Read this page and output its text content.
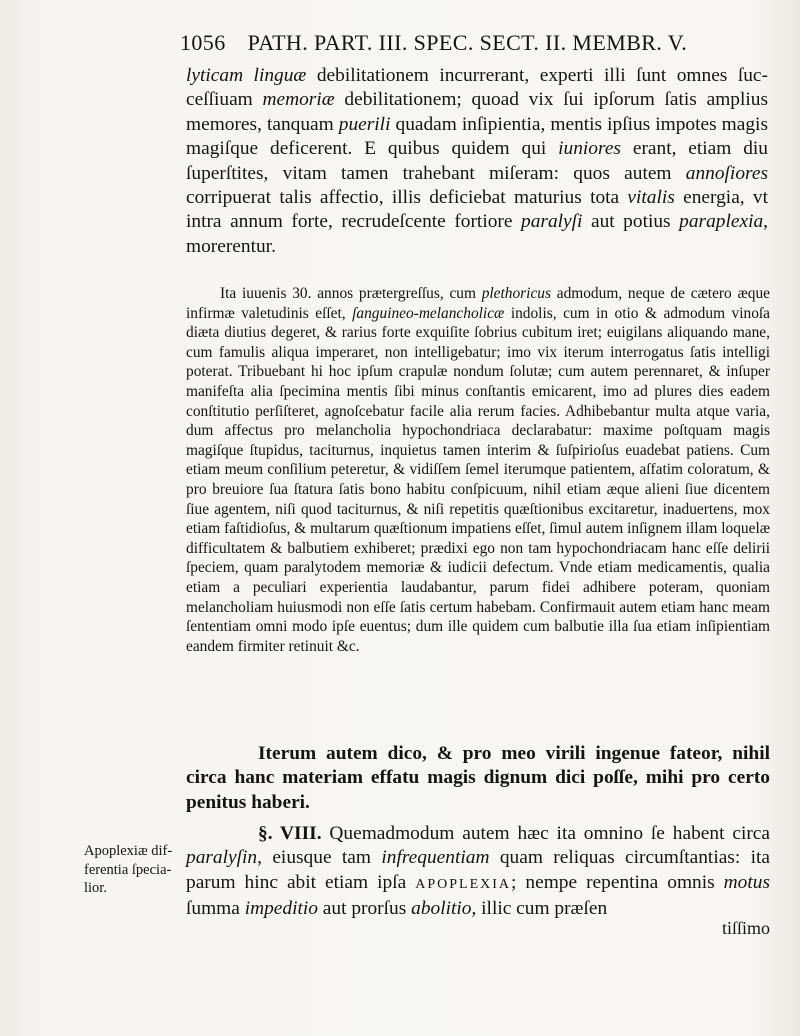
1056 PATH. PART. III. SPEC. SECT. II. MEMBR. V.
lyticam linguæ debilitationem incurrerant, experti illi ſunt omnes ſucceſſiuam memoriæ debilitationem; quoad vix ſui ipſorum ſatis amplius memores, tanquam puerili quadam inſipientia, mentis ipſius impotes magis magiſque deficerent. E quibus quidem qui iuniores erant, etiam diu ſuperſtites, vitam tamen trahebant miſeram: quos autem annoſiores corripuerat talis affectio, illis deficiebat maturius tota vitalis energia, vt intra annum forte, recrudeſcente fortiore paralyſi aut potius paraplexia, morerentur.
Ita iuuenis 30. annos prætergreſſus, cum plethoricus admodum, neque de cætero æque infirmæ valetudinis eſſet, ſanguineo-melancholicæ indolis, cum in otio & admodum vinoſa diæta diutius degeret, & rarius forte exquiſite ſobrius cubitum iret; euigilans aliquando mane, cum famulis aliqua imperaret, non intelligebatur; imo vix iterum interrogatus ſatis intelligi poterat. Tribuebant hi hoc ipſum crapulæ nondum ſolutæ; cum autem perennaret, & inſuper manifeſta alia ſpecimina mentis ſibi minus conſtantis emicarent, imo ad plures dies eadem conſtitutio perſiſteret, agnoſcebatur facile alia rerum facies. Adhibebantur multa atque varia, dum affectus pro melancholia hypochondriaca declarabatur: maxime poſtquam magis magiſque ſtupidus, taciturnus, inquietus tamen interim & ſuſpirioſus euadebat patiens. Cum etiam meum conſilium peteretur, & vidiſſem ſemel iterumque patientem, aſfatim coloratum, & pro breuiore ſua ſtatura ſatis bono habitu conſpicuum, nihil etiam æque alieni ſiue dicentem ſiue agentem, niſi quod taciturnus, & niſi repetitis quæſtionibus excitaretur, inaduertens, mox etiam faſtidioſus, & multarum quæſtionum impatiens eſſet, ſimul autem inſignem illam loquelæ difficultatem & balbutiem exhiberet; prædixi ego non tam hypochondriacam hanc eſſe delirii ſpeciem, quam paralytodem memoriæ & iudicii defectum. Vnde etiam medicamentis, qualia etiam a peculiari experientia laudabantur, parum fidei adhibere poteram, quoniam melancholiam huiusmodi non eſſe ſatis certum habebam. Confirmauit autem etiam hanc meam ſententiam omni modo ipſe euentus; dum ille quidem cum balbutie illa ſua etiam inſipientiam eandem firmiter retinuit &c.
Iterum autem dico, & pro meo virili ingenue fateor, nihil circa hanc materiam effatu magis dignum dici poſſe, mihi pro certo penitus haberi.
Apoplexiæ differentia ſpecialior.
§. VIII. Quemadmodum autem hæc ita omnino ſe habent circa paralyſin, eiusque tam infrequentiam quam reliquas circumſtantias: ita parum hinc abit etiam ipſa APOPLEXIA; nempe repentina omnis motus ſumma impeditio aut prorſus abolitio, illic cum præſen
tiſſimo
